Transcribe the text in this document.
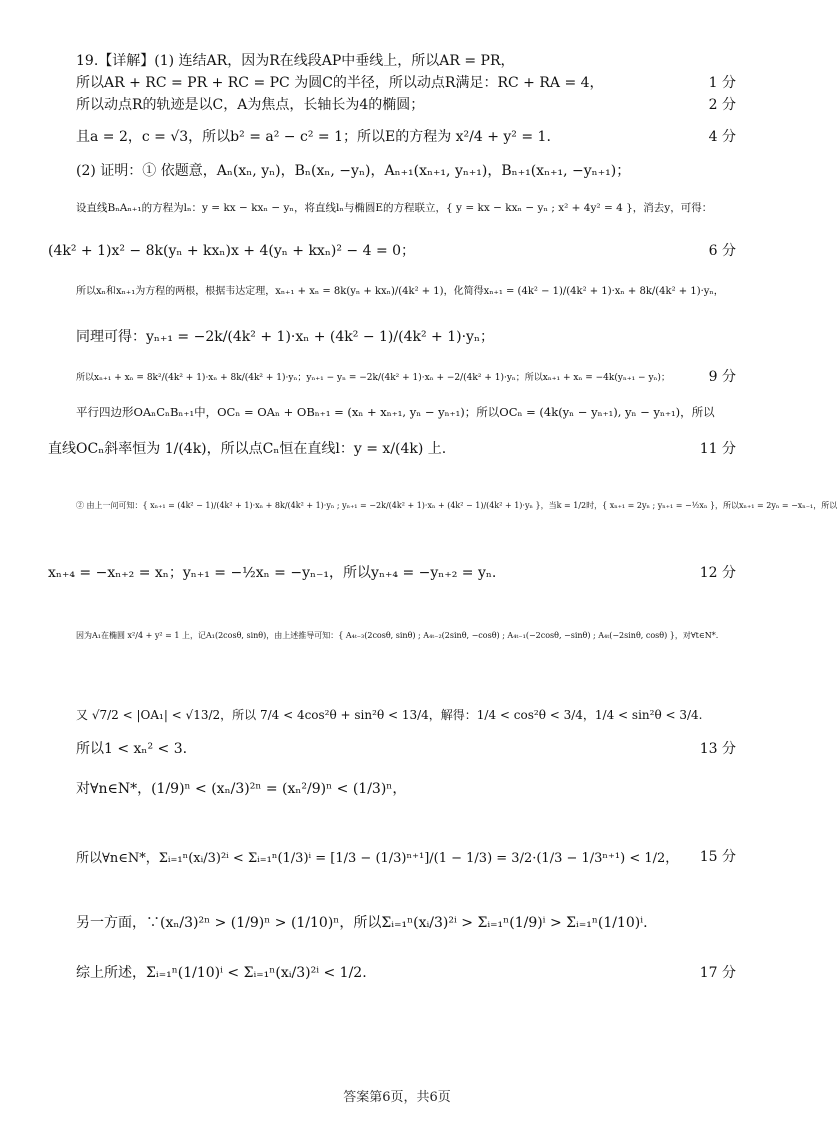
19.【详解】(1) 连结AR，因为R在线段AP中垂线上，所以AR = PR，
所以AR + RC = PR + RC = PC 为圆C的半径，所以动点R满足：RC + RA = 4，	1 分
所以动点R的轨迹是以C，A为焦点，长轴长为4的椭圆；	2 分
且a = 2，c = √3，所以b² = a² − c² = 1；所以E的方程为 x²/4 + y² = 1.	4 分
(2) 证明：① 依题意，Aₙ(xₙ, yₙ)，Bₙ(xₙ, −yₙ)，Aₙ₊₁(xₙ₊₁, yₙ₊₁)，Bₙ₊₁(xₙ₊₁, −yₙ₊₁)；
设直线BₙAₙ₊₁的方程为lₙ：y = kx − kxₙ − yₙ，将直线lₙ与椭圆E的方程联立，{ y = kx − kxₙ − yₙ ; x² + 4y² = 4 }，消去y，可得：
(4k² + 1)x² − 8k(yₙ + kxₙ)x + 4(yₙ + kxₙ)² − 4 = 0；	6 分
所以xₙ和xₙ₊₁为方程的两根，根据韦达定理，xₙ₊₁ + xₙ = 8k(yₙ + kxₙ)/(4k² + 1)，化简得xₙ₊₁ = (4k² − 1)/(4k² + 1)·xₙ + 8k/(4k² + 1)·yₙ，
同理可得：yₙ₊₁ = −2k/(4k² + 1)·xₙ + (4k² − 1)/(4k² + 1)·yₙ；
所以xₙ₊₁ + xₙ = 8k²/(4k² + 1)·xₙ + 8k/(4k² + 1)·yₙ；yₙ₊₁ − yₙ = −2k/(4k² + 1)·xₙ + −2/(4k² + 1)·yₙ；所以xₙ₊₁ + xₙ = −4k(yₙ₊₁ − yₙ)；	9 分
平行四边形OAₙCₙBₙ₊₁中，OCₙ = OAₙ + OBₙ₊₁ = (xₙ + xₙ₊₁, yₙ − yₙ₊₁)；所以OCₙ = (4k(yₙ − yₙ₊₁), yₙ − yₙ₊₁)，所以
直线OCₙ斜率恒为 1/(4k)，所以点Cₙ恒在直线l：y = x/(4k) 上.	11 分
② 由上一问可知：{ xₙ₊₁ = (4k² − 1)/(4k² + 1)·xₙ + 8k/(4k² + 1)·yₙ ; yₙ₊₁ = −2k/(4k² + 1)·xₙ + (4k² − 1)/(4k² + 1)·yₙ }，当k = 1/2时，{ xₙ₊₁ = 2yₙ ; yₙ₊₁ = −½xₙ }，所以xₙ₊₁ = 2yₙ = −xₙ₋₁，所以
xₙ₊₄ = −xₙ₊₂ = xₙ；yₙ₊₁ = −½xₙ = −yₙ₋₁，所以yₙ₊₄ = −yₙ₊₂ = yₙ.	12 分
因为A₁在椭圆 x²/4 + y² = 1 上，记A₁(2cosθ, sinθ)，由上述推导可知：{ A₄ₜ₋₃(2cosθ, sinθ) ; A₄ₜ₋₂(2sinθ, −cosθ) ; A₄ₜ₋₁(−2cosθ, −sinθ) ; A₄ₜ(−2sinθ, cosθ) }，对∀t∈N*.
又 √7/2 < |OA₁| < √13/2，所以 7/4 < 4cos²θ + sin²θ < 13/4，解得：1/4 < cos²θ < 3/4，1/4 < sin²θ < 3/4.
所以1 < xₙ² < 3.	13 分
对∀n∈N*，(1/9)ⁿ < (xₙ/3)²ⁿ = (xₙ²/9)ⁿ < (1/3)ⁿ，
所以∀n∈N*，Σᵢ₌₁ⁿ(xᵢ/3)²ⁱ < Σᵢ₌₁ⁿ(1/3)ⁱ = [1/3 − (1/3)ⁿ⁺¹]/(1 − 1/3) = 3/2·(1/3 − 1/3ⁿ⁺¹) < 1/2，	15 分
另一方面，∵(xₙ/3)²ⁿ > (1/9)ⁿ > (1/10)ⁿ，所以Σᵢ₌₁ⁿ(xᵢ/3)²ⁱ > Σᵢ₌₁ⁿ(1/9)ⁱ > Σᵢ₌₁ⁿ(1/10)ⁱ.
综上所述，Σᵢ₌₁ⁿ(1/10)ⁱ < Σᵢ₌₁ⁿ(xᵢ/3)²ⁱ < 1/2.	17 分
答案第6页，共6页
